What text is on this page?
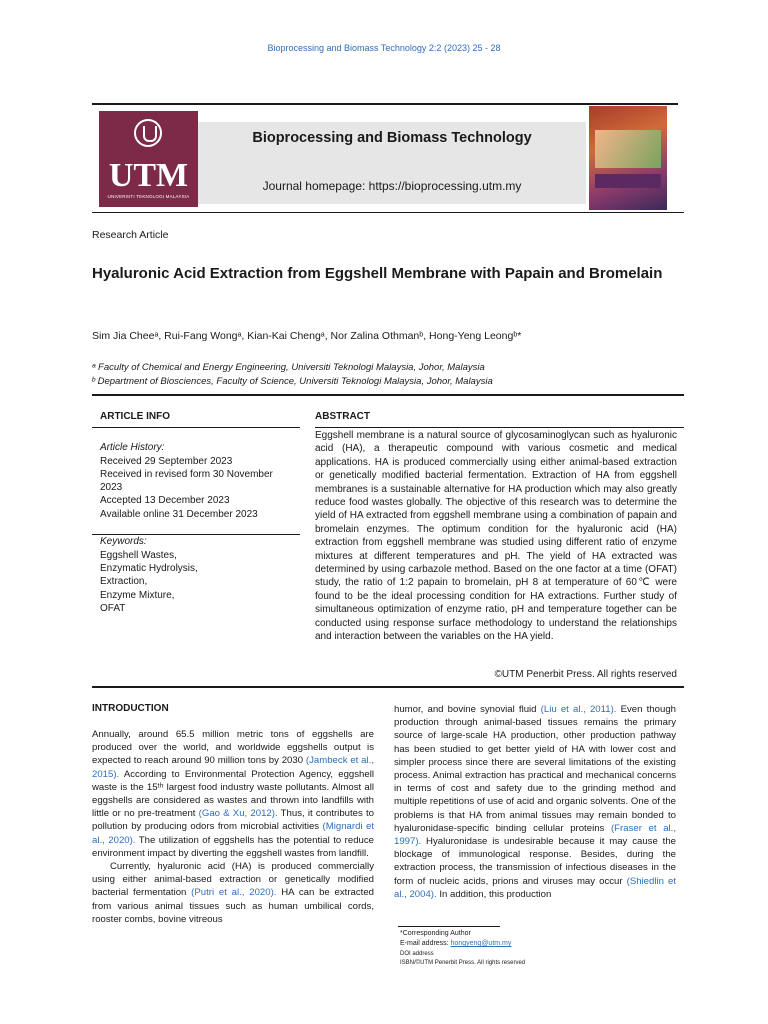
Bioprocessing and Biomass Technology 2:2 (2023) 25 - 28
UTM
UNIVERSITI TEKNOLOGI MALAYSIA
Bioprocessing and Biomass Technology
Journal homepage: https://bioprocessing.utm.my
Research Article
Hyaluronic Acid Extraction from Eggshell Membrane with Papain and Bromelain
Sim Jia Cheeᵃ, Rui-Fang Wongᵃ, Kian-Kai Chengᵃ, Nor Zalina Othmanᵇ, Hong-Yeng Leongᵇ*
ᵃ Faculty of Chemical and Energy Engineering, Universiti Teknologi Malaysia, Johor, Malaysia
ᵇ Department of Biosciences, Faculty of Science, Universiti Teknologi Malaysia, Johor, Malaysia
ARTICLE INFO	ABSTRACT
Article History:
Received 29 September 2023
Received in revised form 30 November
2023
Accepted 13 December 2023
Available online 31 December 2023
Keywords:
Eggshell Wastes,
Enzymatic Hydrolysis,
Extraction,
Enzyme Mixture,
OFAT
Eggshell membrane is a natural source of glycosaminoglycan such as hyaluronic acid (HA), a therapeutic compound with various cosmetic and medical applications. HA is produced commercially using either animal-based extraction or genetically modified bacterial fermentation. Extraction of HA from eggshell membranes is a sustainable alternative for HA production which may also greatly reduce food wastes globally. The objective of this research was to determine the yield of HA extracted from eggshell membrane using a combination of papain and bromelain enzymes. The optimum condition for the hyaluronic acid (HA) extraction from eggshell membrane was studied using different ratio of enzyme mixtures at different temperatures and pH. The yield of HA extracted was determined by using carbazole method. Based on the one factor at a time (OFAT) study, the ratio of 1:2 papain to bromelain, pH 8 at temperature of 60℃ were found to be the ideal processing condition for HA extractions. Further study of simultaneous optimization of enzyme ratio, pH and temperature together can be conducted using response surface methodology to understand the relationships and interaction between the variables on the HA yield.
©UTM Penerbit Press. All rights reserved
INTRODUCTION

Annually, around 65.5 million metric tons of eggshells are produced over the world, and worldwide eggshells output is expected to reach around 90 million tons by 2030 (Jambeck et al., 2015). According to Environmental Protection Agency, eggshell waste is the 15ᵗʰ largest food industry waste pollutants. Almost all eggshells are considered as wastes and thrown into landfills with little or no pre-treatment (Gao & Xu, 2012). Thus, it contributes to pollution by producing odors from microbial activities (Mignardi et al., 2020). The utilization of eggshells has the potential to reduce environment impact by diverting the eggshell wastes from landfill.

Currently, hyaluronic acid (HA) is produced commercially using either animal-based extraction or genetically modified bacterial fermentation (Putri et al., 2020). HA can be extracted from various animal tissues such as human umbilical cords, rooster combs, bovine vitreous

humor, and bovine synovial fluid (Liu et al., 2011). Even though production through animal-based tissues remains the primary source of large-scale HA production, other production pathway has been studied to get better yield of HA with lower cost and simpler process since there are several limitations of the existing process. Animal extraction has practical and mechanical concerns in terms of cost and safety due to the grinding method and multiple repetitions of use of acid and organic solvents. One of the problems is that HA from animal tissues may remain bonded to hyaluronidase-specific binding cellular proteins (Fraser et al., 1997). Hyaluronidase is undesirable because it may cause the blockage of immunological response. Besides, during the extraction process, the transmission of infectious diseases in the form of nucleic acids, prions and viruses may occur (Shiedlin et al., 2004). In addition, this production

*Corresponding Author
E-mail address: hongyeng@utm.my
DOI address
ISBN/©UTM Penerbit Press. All rights reserved
